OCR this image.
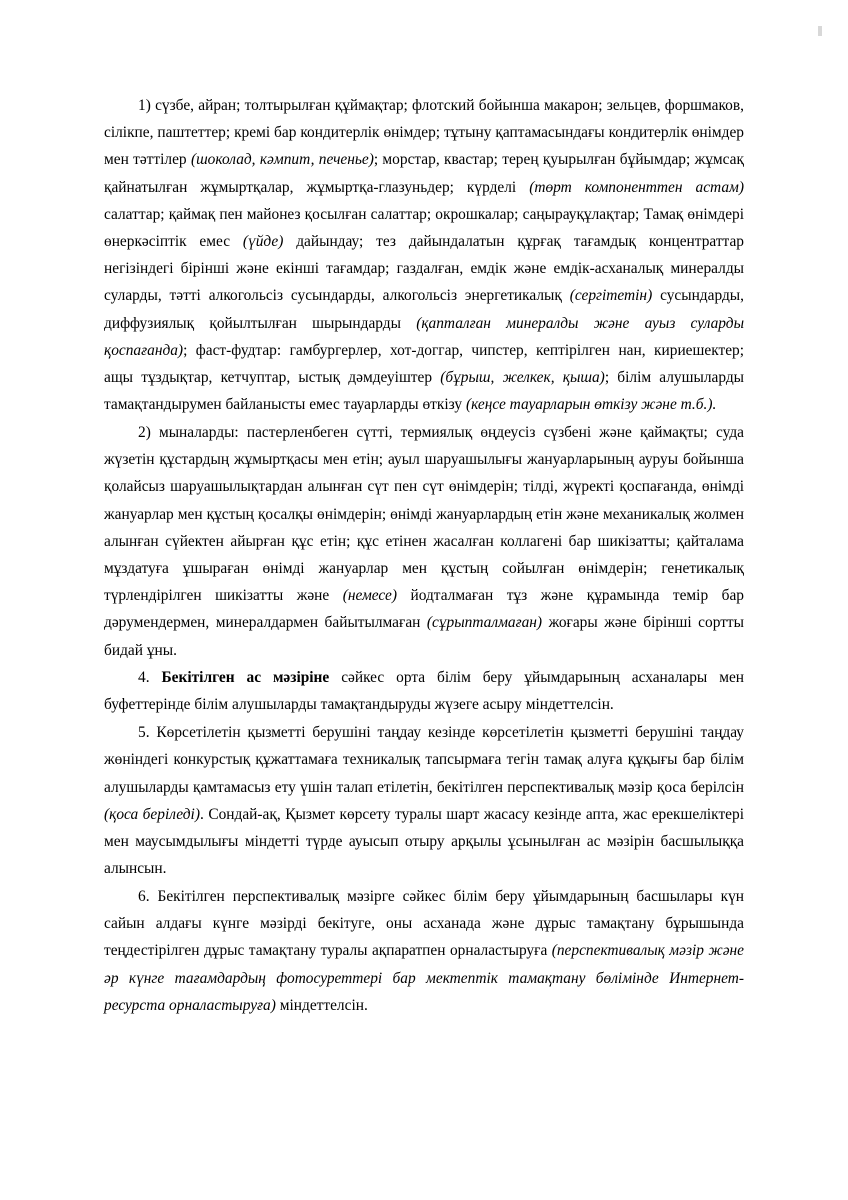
1) сүзбе, айран; толтырылған құймақтар; флотский бойынша макарон; зельцев, форшмаков, сілікпе, паштеттер; кремі бар кондитерлік өнімдер; тұтыну қаптамасындағы кондитерлік өнімдер мен тәттілер (шоколад, кәмпит, печенье); морстар, квастар; терең қуырылған бұйымдар; жұмсақ қайнатылған жұмыртқалар, жұмыртқа-глазуньдер; күрделі (төрт компоненттен астам) салаттар; қаймақ пен майонез қосылған салаттар; окрошкалар; саңырауқұлақтар; Тамақ өнімдері өнеркәсіптік емес (үйде) дайындау; тез дайындалатын құрғақ тағамдық концентраттар негізіндегі бірінші және екінші тағамдар; газдалған, емдік және емдік-асханалық минералды суларды, тәтті алкогольсіз сусындарды, алкогольсіз энергетикалық (сергітетін) сусындарды, диффузиялық қойылтылған шырындарды (қапталған минералды және ауыз суларды қоспағанда); фаст-фудтар: гамбургерлер, хот-доггар, чипстер, кептірілген нан, кириешектер; ащы тұздықтар, кетчуптар, ыстық дәмдеуіштер (бұрыш, желкек, қыша); білім алушыларды тамақтандырумен байланысты емес тауарларды өткізу (кеңсе тауарларын өткізу және т.б.).

2) мыналарды: пастерленбеген сүтті, термиялық өңдеусіз сүзбені және қаймақты; суда жүзетін құстардың жұмыртқасы мен етін; ауыл шаруашылығы жануарларының ауруы бойынша қолайсыз шаруашылықтардан алынған сүт пен сүт өнімдерін; тілді, жүректі қоспағанда, өнімді жануарлар мен құстың қосалқы өнімдерін; өнімді жануарлардың етін және механикалық жолмен алынған сүйектен айырған құс етін; құс етінен жасалған коллагені бар шикізатты; қайталама мұздатуға ұшыраған өнімді жануарлар мен құстың сойылған өнімдерін; генетикалық түрлендірілген шикізатты және (немесе) йодталмаған тұз және құрамында темір бар дәрумендермен, минералдармен байытылмаған (сұрыпталмаған) жоғары және бірінші сортты бидай ұны.

4. Бекітілген ас мәзіріне сәйкес орта білім беру ұйымдарының асханалары мен буфеттерінде білім алушыларды тамақтандыруды жүзеге асыру міндеттелсін.

5. Көрсетілетін қызметті берушіні таңдау кезінде көрсетілетін қызметті берушіні таңдау жөніндегі конкурстық құжаттамаға техникалық тапсырмаға тегін тамақ алуға құқығы бар білім алушыларды қамтамасыз ету үшін талап етілетін, бекітілген перспективалық мәзір қоса берілсін (қоса беріледі). Сондай-ақ, Қызмет көрсету туралы шарт жасасу кезінде апта, жас ерекшеліктері мен маусымдылығы міндетті түрде ауысып отыру арқылы ұсынылған ас мәзірін басшылыққа алынсын.

6. Бекітілген перспективалық мәзірге сәйкес білім беру ұйымдарының басшылары күн сайын алдағы күнге мәзірді бекітуге, оны асханада және дұрыс тамақтану бұрышында теңдестірілген дұрыс тамақтану туралы ақпаратпен орналастыруға (перспективалық мәзір және әр күнге тағамдардың фотосуреттері бар мектептік тамақтану бөлімінде Интернет-ресурста орналастыруға) міндеттелсін.
